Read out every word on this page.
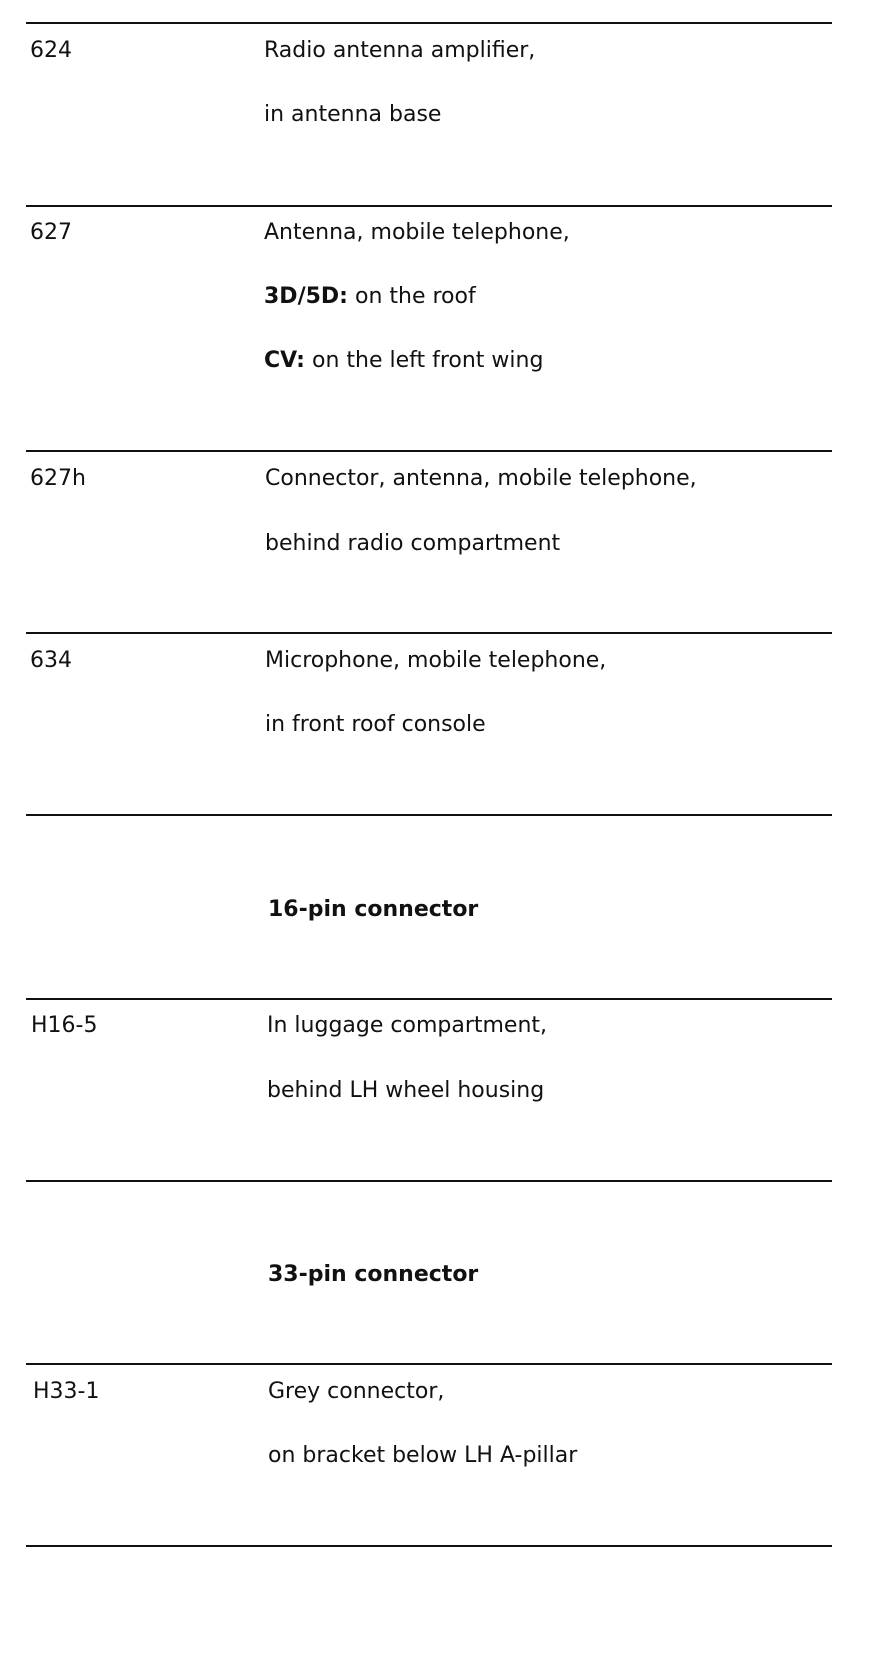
624	Radio antenna amplifier,
in antenna base
627	Antenna, mobile telephone,
3D/5D: on the roof
CV: on the left front wing
627h	Connector, antenna, mobile telephone,
behind radio compartment
634	Microphone, mobile telephone,
in front roof console
16-pin connector
H16-5	In luggage compartment,
behind LH wheel housing
33-pin connector
H33-1	Grey connector,
on bracket below LH A-pillar
